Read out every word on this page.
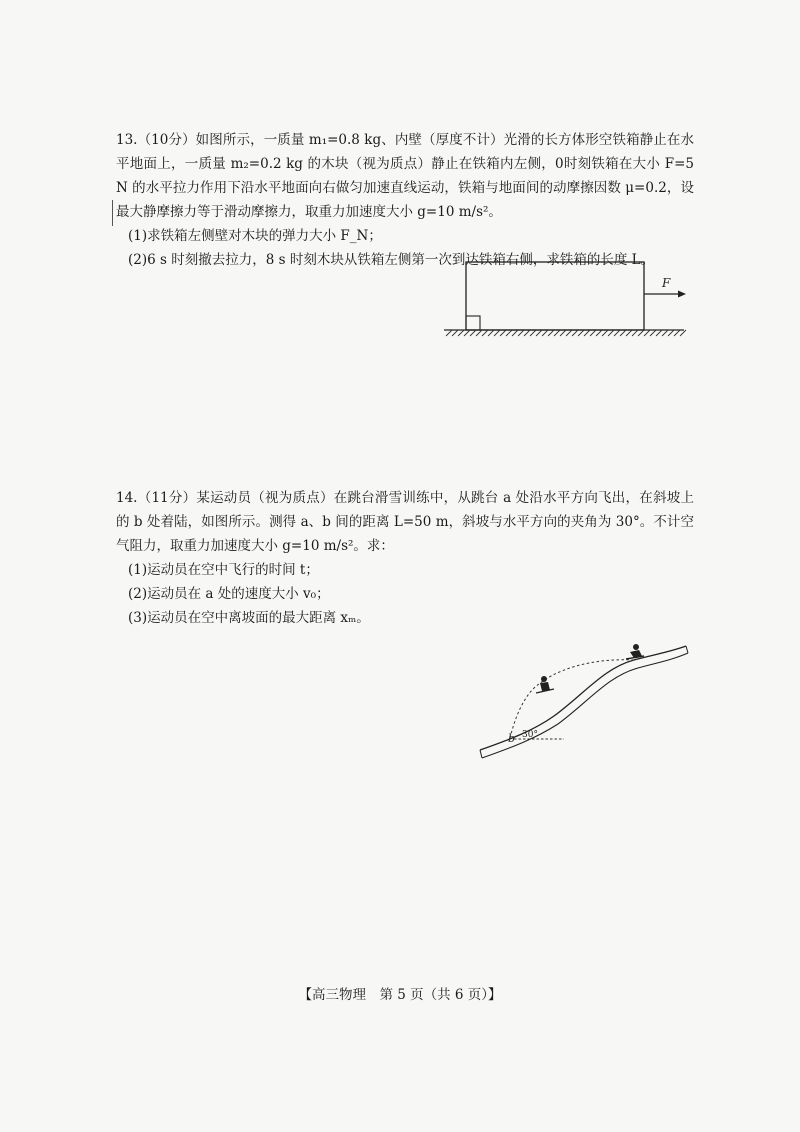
13.（10分）如图所示，一质量 m₁=0.8 kg、内壁（厚度不计）光滑的长方体形空铁箱静止在水平地面上，一质量 m₂=0.2 kg 的木块（视为质点）静止在铁箱内左侧，0时刻铁箱在大小 F=5 N 的水平拉力作用下沿水平地面向右做匀加速直线运动，铁箱与地面间的动摩擦因数 μ=0.2，设最大静摩擦力等于滑动摩擦力，取重力加速度大小 g=10 m/s²。

(1)求铁箱左侧壁对木块的弹力大小 F_N；

(2)6 s 时刻撤去拉力，8 s 时刻木块从铁箱左侧第一次到达铁箱右侧，求铁箱的长度 L。

F

14.（11分）某运动员（视为质点）在跳台滑雪训练中，从跳台 a 处沿水平方向飞出，在斜坡上的 b 处着陆，如图所示。测得 a、b 间的距离 L=50 m，斜坡与水平方向的夹角为 30°。不计空气阻力，取重力加速度大小 g=10 m/s²。求：

(1)运动员在空中飞行的时间 t；

(2)运动员在 a 处的速度大小 v₀；

(3)运动员在空中离坡面的最大距离 xₘ。

b 30°
【高三物理　第 5 页（共 6 页）】
